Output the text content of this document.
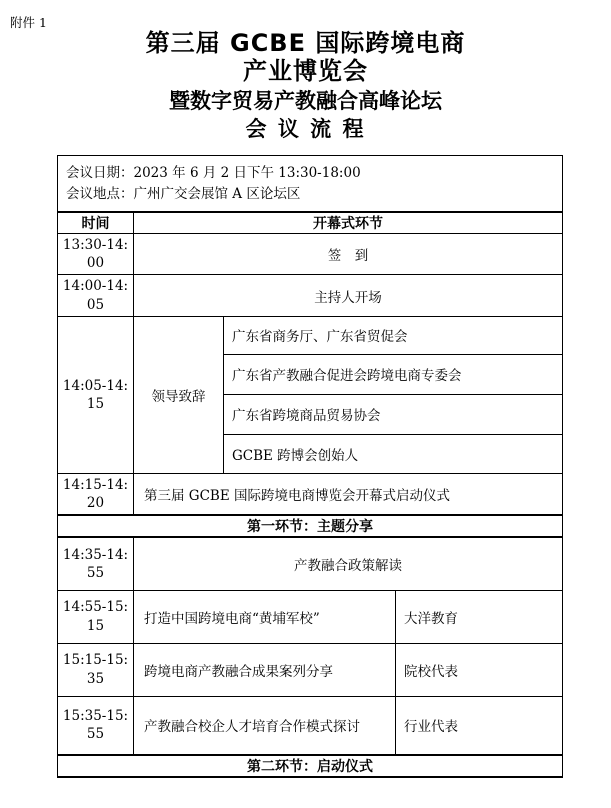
附件 1
第三届 GCBE 国际跨境电商
产业博览会
暨数字贸易产教融合高峰论坛
会 议 流 程
会议日期：2023 年 6 月 2 日下午 13:30-18:00
会议地点：广州广交会展馆 A 区论坛区			

时间	开幕式环节		
13:30-14:00	签　到		
14:00-14:05	主持人开场		
14:05-14:15	领导致辞	广东省商务厅、广东省贸促会	
		广东省产教融合促进会跨境电商专委会	
		广东省跨境商品贸易协会	
		GCBE 跨博会创始人	
14:15-14:20	第三届 GCBE 国际跨境电商博览会开幕式启动仪式		
第一环节：主题分享			
14:35-14:55	产教融合政策解读		
14:55-15:15	打造中国跨境电商“黄埔军校”		大洋教育
15:15-15:35	跨境电商产教融合成果案列分享		院校代表
15:35-15:55	产教融合校企人才培育合作模式探讨		行业代表
第二环节：启动仪式			
